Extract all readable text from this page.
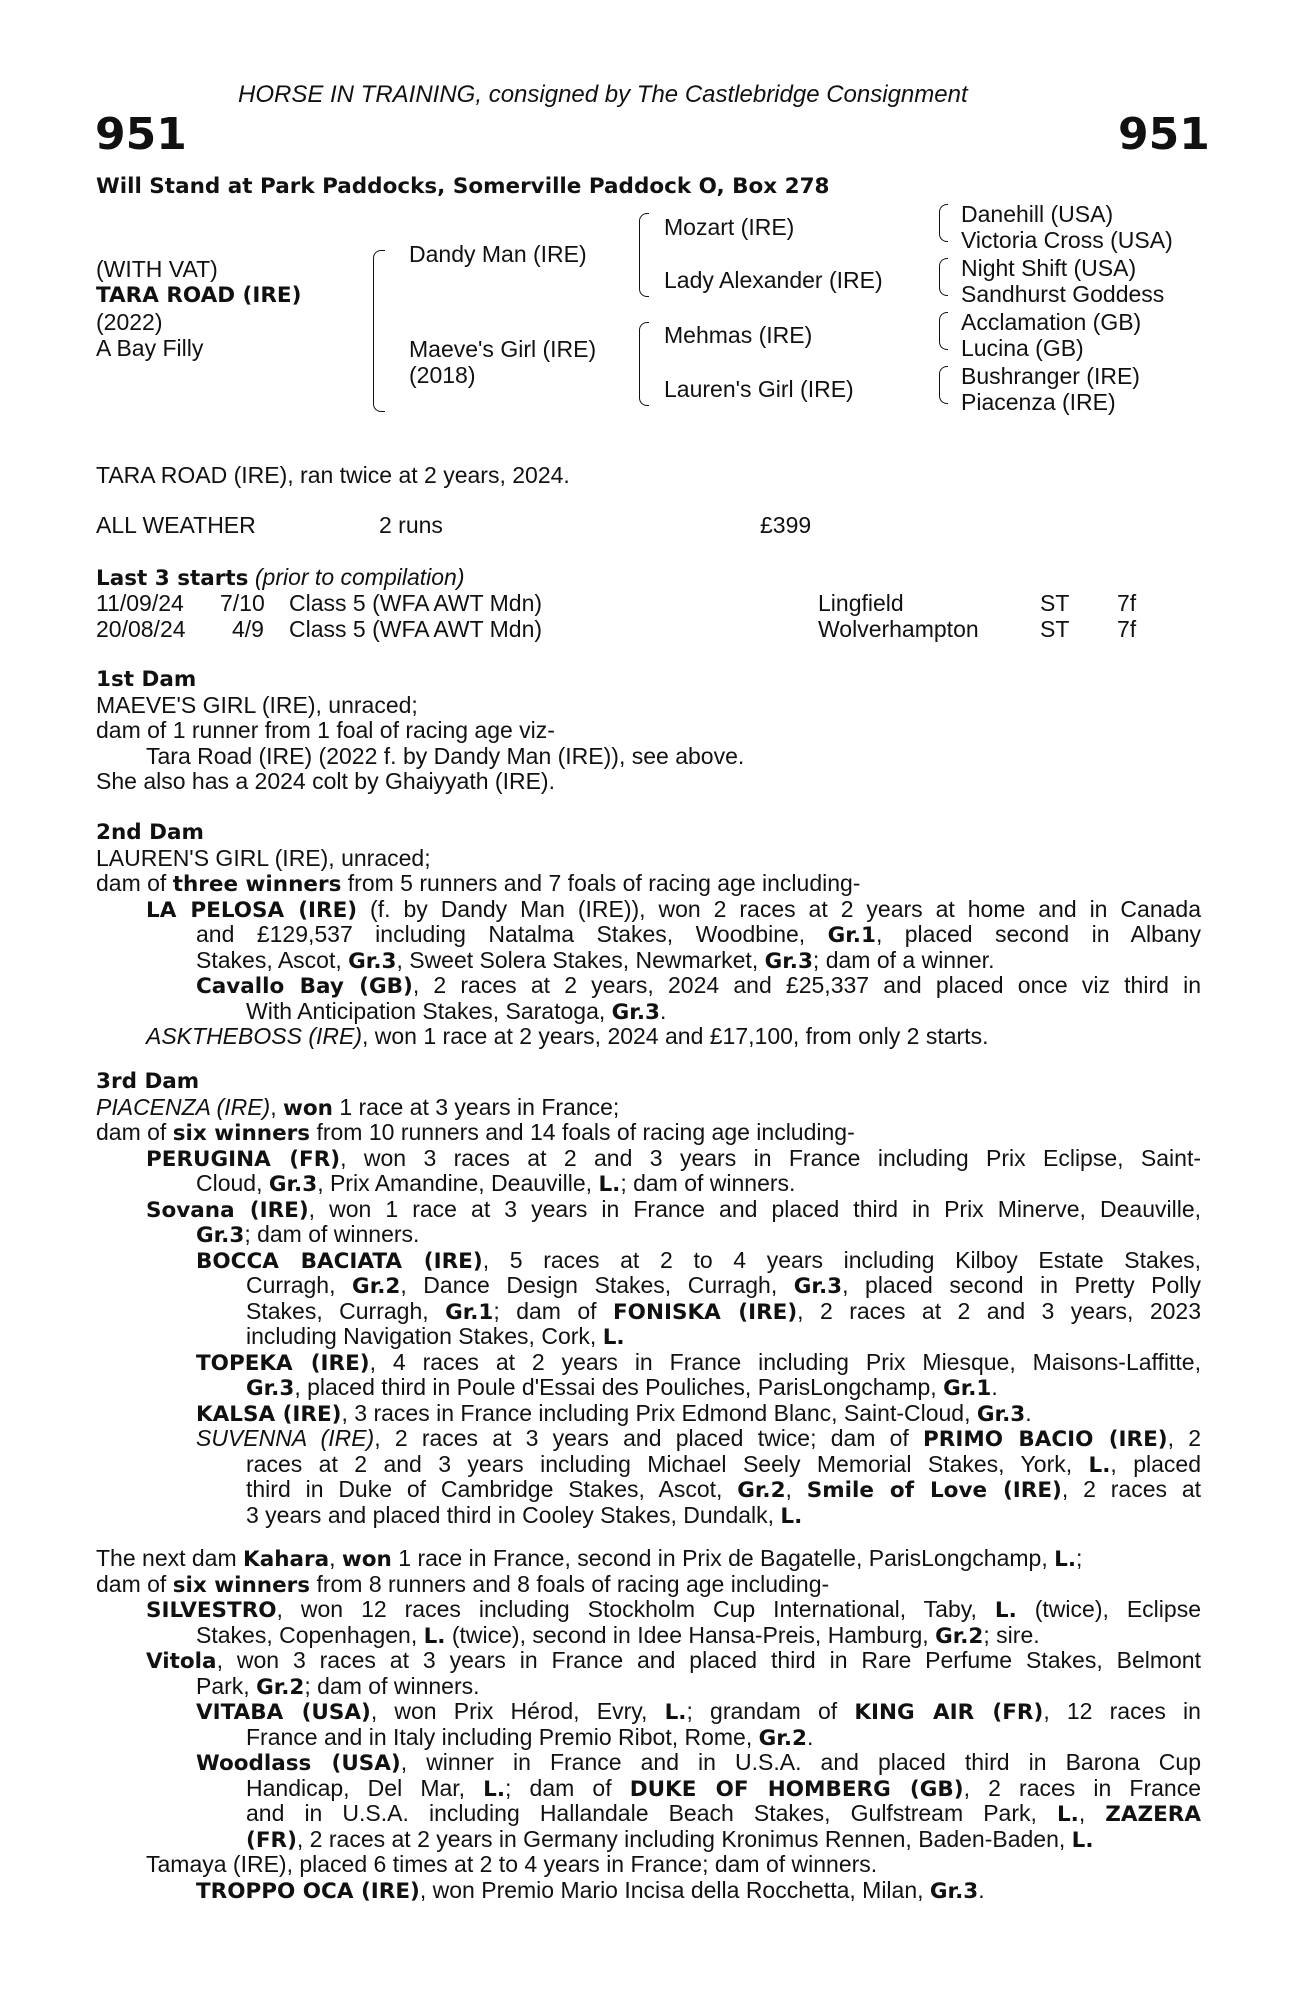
HORSE IN TRAINING, consigned by The Castlebridge Consignment
951	951
Will Stand at Park Paddocks, Somerville Paddock O, Box 278
(WITH VAT)
TARA ROAD (IRE)
(2022)
A Bay Filly
Dandy Man (IRE)
Maeve's Girl (IRE)
(2018)
Mozart (IRE)
Lady Alexander (IRE)
Mehmas (IRE)
Lauren's Girl (IRE)
Danehill (USA)
Victoria Cross (USA)
Night Shift (USA)
Sandhurst Goddess
Acclamation (GB)
Lucina (GB)
Bushranger (IRE)
Piacenza (IRE)
TARA ROAD (IRE), ran twice at 2 years, 2024.
ALL WEATHER	2 runs	£399
Last 3 starts (prior to compilation)
11/09/24 7/10 Class 5 (WFA AWT Mdn)	Lingfield	ST 7f
20/08/24 4/9 Class 5 (WFA AWT Mdn)	Wolverhampton	ST 7f
1st Dam
MAEVE'S GIRL (IRE), unraced;
dam of 1 runner from 1 foal of racing age viz-
Tara Road (IRE) (2022 f. by Dandy Man (IRE)), see above.
She also has a 2024 colt by Ghaiyyath (IRE).
2nd Dam
LAUREN'S GIRL (IRE), unraced;
dam of three winners from 5 runners and 7 foals of racing age including-
LA PELOSA (IRE) (f. by Dandy Man (IRE)), won 2 races at 2 years at home and in Canada
and £129,537 including Natalma Stakes, Woodbine, Gr.1, placed second in Albany
Stakes, Ascot, Gr.3, Sweet Solera Stakes, Newmarket, Gr.3; dam of a winner.
Cavallo Bay (GB), 2 races at 2 years, 2024 and £25,337 and placed once viz third in
With Anticipation Stakes, Saratoga, Gr.3.
ASKTHEBOSS (IRE), won 1 race at 2 years, 2024 and £17,100, from only 2 starts.
3rd Dam
PIACENZA (IRE), won 1 race at 3 years in France;
dam of six winners from 10 runners and 14 foals of racing age including-
PERUGINA (FR), won 3 races at 2 and 3 years in France including Prix Eclipse, Saint-
Cloud, Gr.3, Prix Amandine, Deauville, L.; dam of winners.
Sovana (IRE), won 1 race at 3 years in France and placed third in Prix Minerve, Deauville,
Gr.3; dam of winners.
BOCCA BACIATA (IRE), 5 races at 2 to 4 years including Kilboy Estate Stakes,
Curragh, Gr.2, Dance Design Stakes, Curragh, Gr.3, placed second in Pretty Polly
Stakes, Curragh, Gr.1; dam of FONISKA (IRE), 2 races at 2 and 3 years, 2023
including Navigation Stakes, Cork, L.
TOPEKA (IRE), 4 races at 2 years in France including Prix Miesque, Maisons-Laffitte,
Gr.3, placed third in Poule d'Essai des Pouliches, ParisLongchamp, Gr.1.
KALSA (IRE), 3 races in France including Prix Edmond Blanc, Saint-Cloud, Gr.3.
SUVENNA (IRE), 2 races at 3 years and placed twice; dam of PRIMO BACIO (IRE), 2
races at 2 and 3 years including Michael Seely Memorial Stakes, York, L., placed
third in Duke of Cambridge Stakes, Ascot, Gr.2, Smile of Love (IRE), 2 races at
3 years and placed third in Cooley Stakes, Dundalk, L.
The next dam Kahara, won 1 race in France, second in Prix de Bagatelle, ParisLongchamp, L.;
dam of six winners from 8 runners and 8 foals of racing age including-
SILVESTRO, won 12 races including Stockholm Cup International, Taby, L. (twice), Eclipse
Stakes, Copenhagen, L. (twice), second in Idee Hansa-Preis, Hamburg, Gr.2; sire.
Vitola, won 3 races at 3 years in France and placed third in Rare Perfume Stakes, Belmont
Park, Gr.2; dam of winners.
VITABA (USA), won Prix Hérod, Evry, L.; grandam of KING AIR (FR), 12 races in
France and in Italy including Premio Ribot, Rome, Gr.2.
Woodlass (USA), winner in France and in U.S.A. and placed third in Barona Cup
Handicap, Del Mar, L.; dam of DUKE OF HOMBERG (GB), 2 races in France
and in U.S.A. including Hallandale Beach Stakes, Gulfstream Park, L., ZAZERA
(FR), 2 races at 2 years in Germany including Kronimus Rennen, Baden-Baden, L.
Tamaya (IRE), placed 6 times at 2 to 4 years in France; dam of winners.
TROPPO OCA (IRE), won Premio Mario Incisa della Rocchetta, Milan, Gr.3.
